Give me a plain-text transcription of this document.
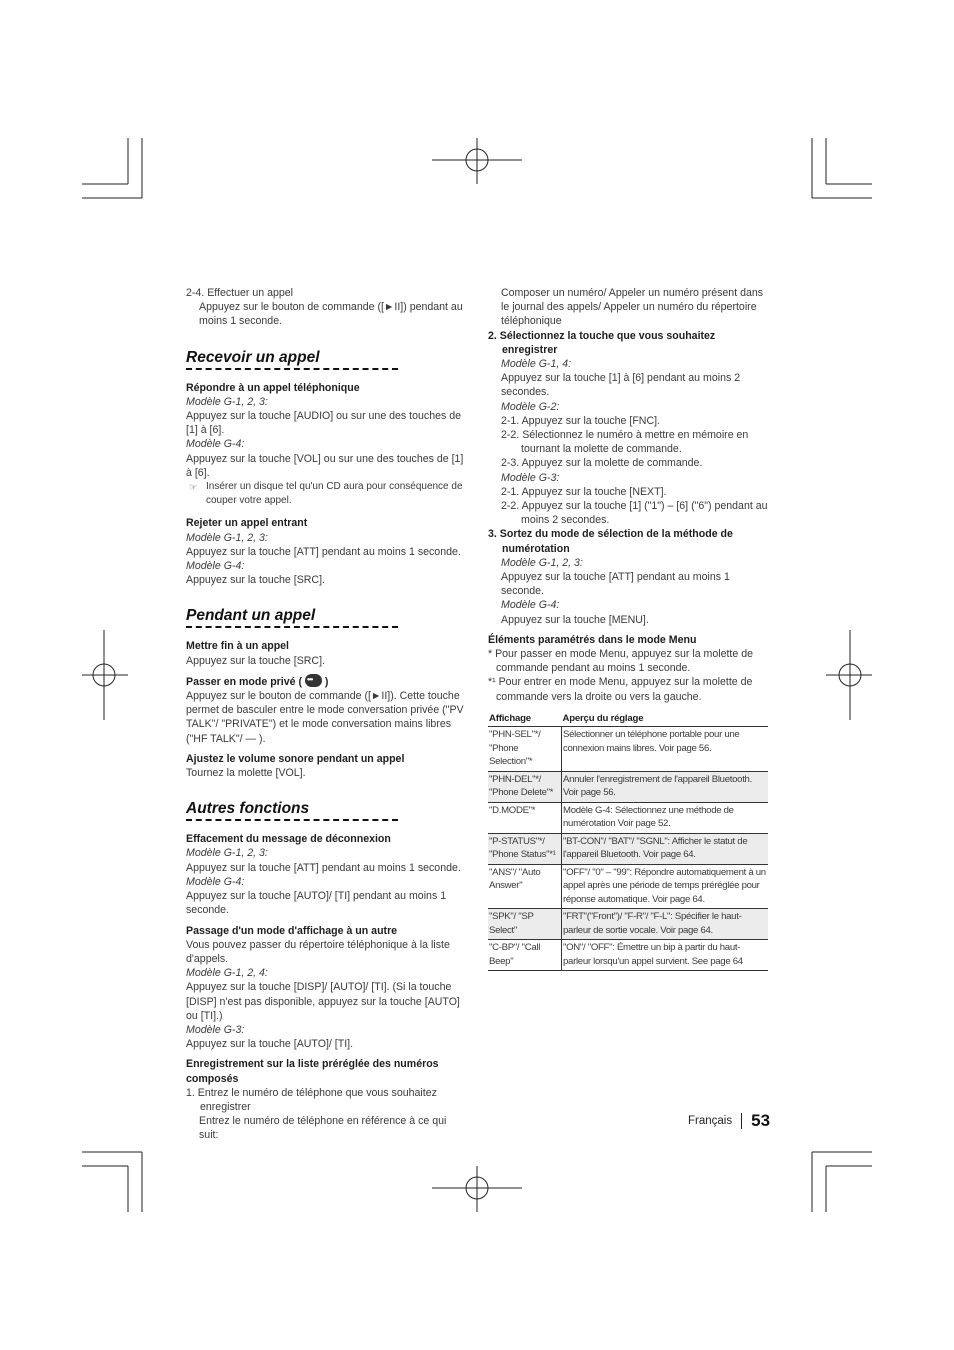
2-4. Effectuer un appel

Appuyez sur le bouton de commande ([►II]) pendant au moins 1 seconde.

Recevoir un appel

Répondre à un appel téléphonique

Modèle G-1, 2, 3:

Appuyez sur la touche [AUDIO] ou sur une des touches de [1] à [6].

Modèle G-4:

Appuyez sur la touche [VOL] ou sur une des touches de [1] à [6].

☞ Insérer un disque tel qu'un CD aura pour conséquence de couper votre appel.

Rejeter un appel entrant

Modèle G-1, 2, 3:

Appuyez sur la touche [ATT] pendant au moins 1 seconde.

Modèle G-4:

Appuyez sur la touche [SRC].

Pendant un appel

Mettre fin à un appel

Appuyez sur la touche [SRC].

Passer en mode privé ( ••• )

Appuyez sur le bouton de commande ([►II]). Cette touche permet de basculer entre le mode conversation privée ("PV TALK"/ "PRIVATE") et le mode conversation mains libres ("HF TALK"/ — ).

Ajustez le volume sonore pendant un appel

Tournez la molette [VOL].

Autres fonctions

Effacement du message de déconnexion

Modèle G-1, 2, 3:

Appuyez sur la touche [ATT] pendant au moins 1 seconde.

Modèle G-4:

Appuyez sur la touche [AUTO]/ [TI] pendant au moins 1 seconde.

Passage d'un mode d'affichage à un autre

Vous pouvez passer du répertoire téléphonique à la liste d'appels.

Modèle G-1, 2, 4:

Appuyez sur la touche [DISP]/ [AUTO]/ [TI]. (Si la touche [DISP] n'est pas disponible, appuyez sur la touche [AUTO] ou [TI].)

Modèle G-3:

Appuyez sur la touche [AUTO]/ [TI].

Enregistrement sur la liste préréglée des numéros composés

1. Entrez le numéro de téléphone que vous souhaitez enregistrer

Entrez le numéro de téléphone en référence à ce qui suit:

Composer un numéro/ Appeler un numéro présent dans le journal des appels/ Appeler un numéro du répertoire téléphonique

2. Sélectionnez la touche que vous souhaitez enregistrer

Modèle G-1, 4:

Appuyez sur la touche [1] à [6] pendant au moins 2 secondes.

Modèle G-2:

2-1. Appuyez sur la touche [FNC].

2-2. Sélectionnez le numéro à mettre en mémoire en tournant la molette de commande.

2-3. Appuyez sur la molette de commande.

Modèle G-3:

2-1. Appuyez sur la touche [NEXT].

2-2. Appuyez sur la touche [1] ("1") – [6] ("6") pendant au moins 2 secondes.

3. Sortez du mode de sélection de la méthode de numérotation

Modèle G-1, 2, 3:

Appuyez sur la touche [ATT] pendant au moins 1 seconde.

Modèle G-4:

Appuyez sur la touche [MENU].

Éléments paramétrés dans le mode Menu

* Pour passer en mode Menu, appuyez sur la molette de commande pendant au moins 1 seconde.

*¹ Pour entrer en mode Menu, appuyez sur la molette de commande vers la droite ou vers la gauche.

Affichage	Aperçu du réglage
"PHN-SEL"*/ "Phone Selection"*	Sélectionner un téléphone portable pour une connexion mains libres. Voir page 56.
"PHN-DEL"*/ "Phone Delete"*	Annuler l'enregistrement de l'appareil Bluetooth. Voir page 56.
"D.MODE"*	Modèle G-4: Sélectionnez une méthode de numérotation Voir page 52.
"P-STATUS"*/ "Phone Status"*¹	"BT-CON"/ "BAT"/ "SGNL": Afficher le statut de l'appareil Bluetooth. Voir page 64.
"ANS"/ "Auto Answer"	"OFF"/ "0" – "99": Répondre automatiquement à un appel après une période de temps préréglée pour réponse automatique. Voir page 64.
"SPK"/ "SP Select"	"FRT"("Front")/ "F-R"/ "F-L": Spécifier le haut-parleur de sortie vocale. Voir page 64.
"C-BP"/ "Call Beep"	"ON"/ "OFF": Émettre un bip à partir du haut-parleur lorsqu'un appel survient. See page 64
Français 53
